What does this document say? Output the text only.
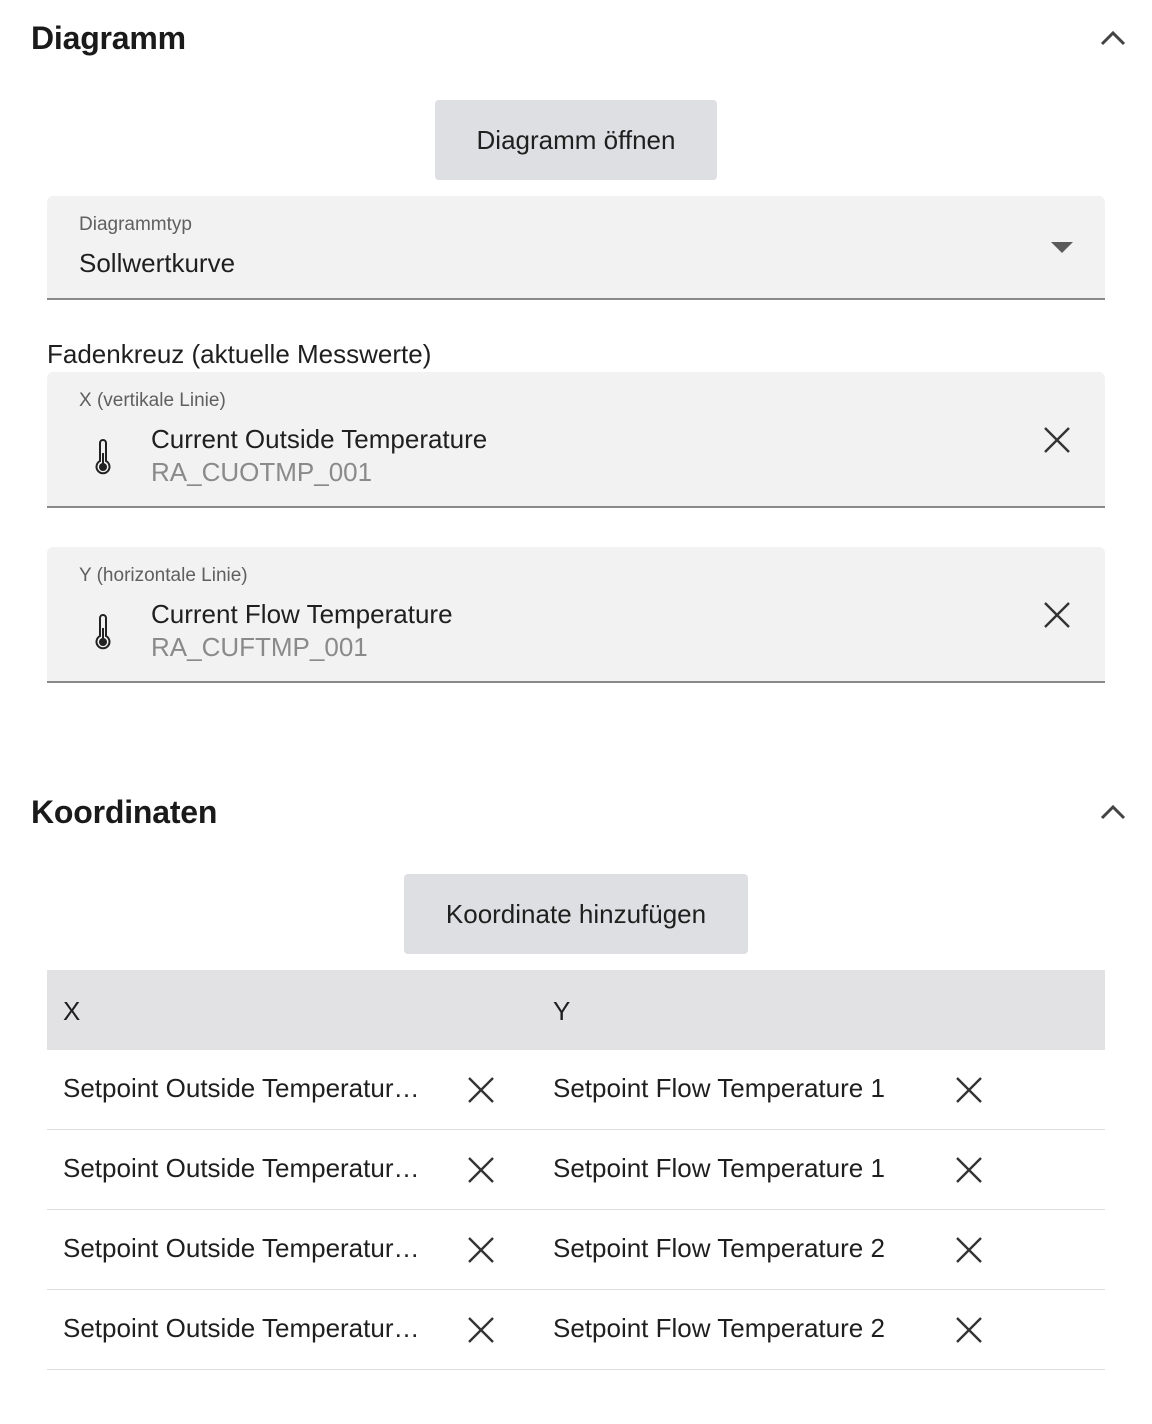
Diagramm
Diagramm öffnen
Diagrammtyp
Sollwertkurve
Fadenkreuz (aktuelle Messwerte)
X (vertikale Linie)
Current Outside Temperature
RA_CUOTMP_001
Y (horizontale Linie)
Current Flow Temperature
RA_CUFTMP_001
Koordinaten
Koordinate hinzufügen
X	Y
Setpoint Outside Temperatur…	Setpoint Flow Temperature 1
Setpoint Outside Temperatur…	Setpoint Flow Temperature 1
Setpoint Outside Temperatur…	Setpoint Flow Temperature 2
Setpoint Outside Temperatur…	Setpoint Flow Temperature 2
